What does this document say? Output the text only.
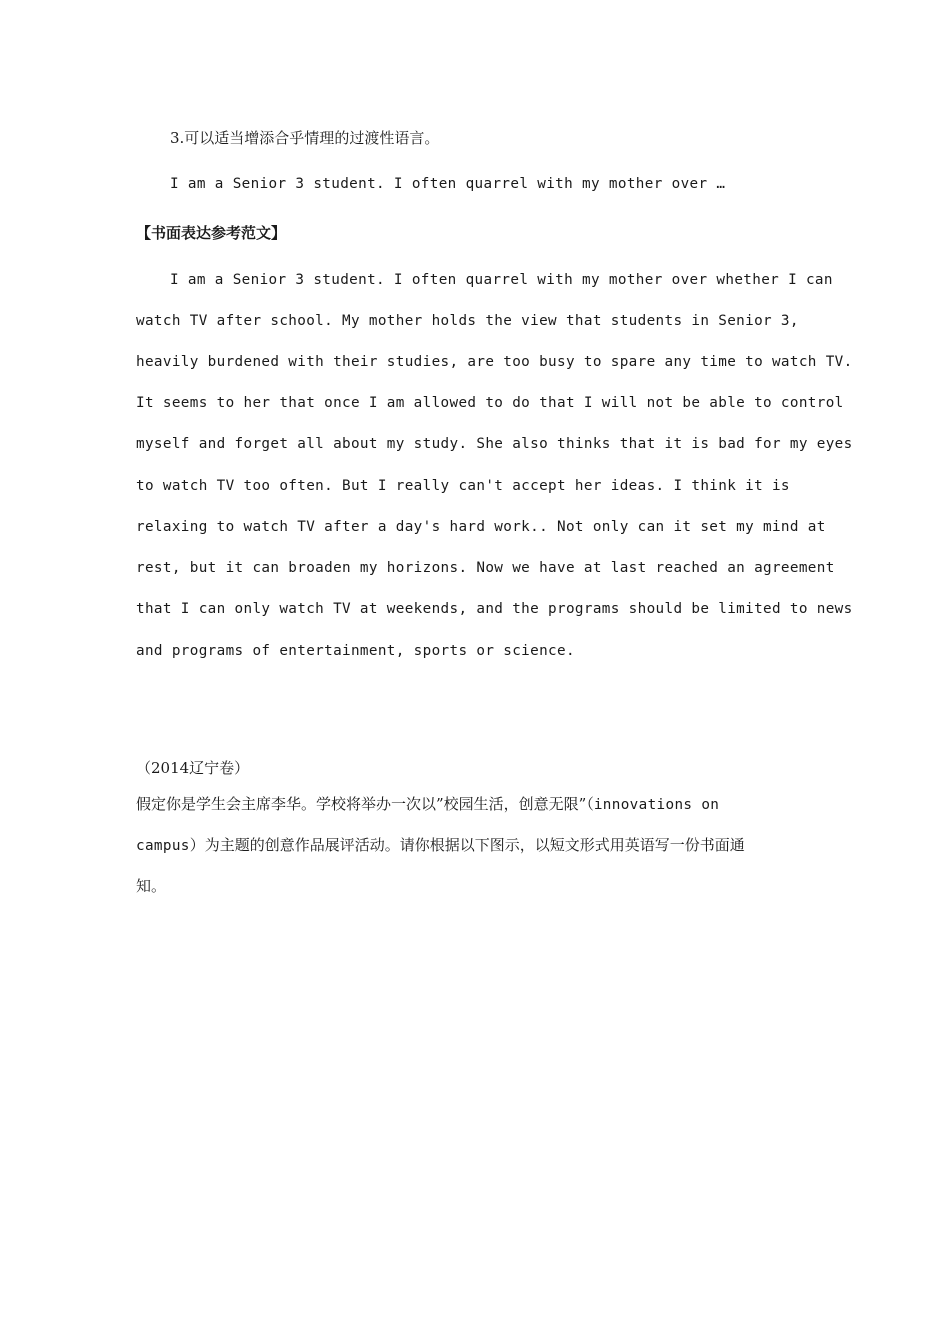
3.可以适当增添合乎情理的过渡性语言。
I am a Senior 3 student. I often quarrel with my mother over …
【书面表达参考范文】
I am a Senior 3 student. I often quarrel with my mother over whether I can
watch TV after school. My mother holds the view that students in Senior 3,
heavily burdened with their studies, are too busy to spare any time to watch TV.
It seems to her that once I am allowed to do that I will not be able to control
myself and forget all about my study. She also thinks that it is bad for my eyes
to watch TV too often. But I really can't accept her ideas. I think it is
relaxing to watch TV after a day's hard work.. Not only can it set my mind at
rest, but it can broaden my horizons. Now we have at last reached an agreement
that I can only watch TV at weekends, and the programs should be limited to news
and programs of entertainment, sports or science.
（2014辽宁卷）
假定你是学生会主席李华。学校将举办一次以”校园生活，创意无限”（innovations on
campus）为主题的创意作品展评活动。请你根据以下图示，以短文形式用英语写一份书面通
知。
